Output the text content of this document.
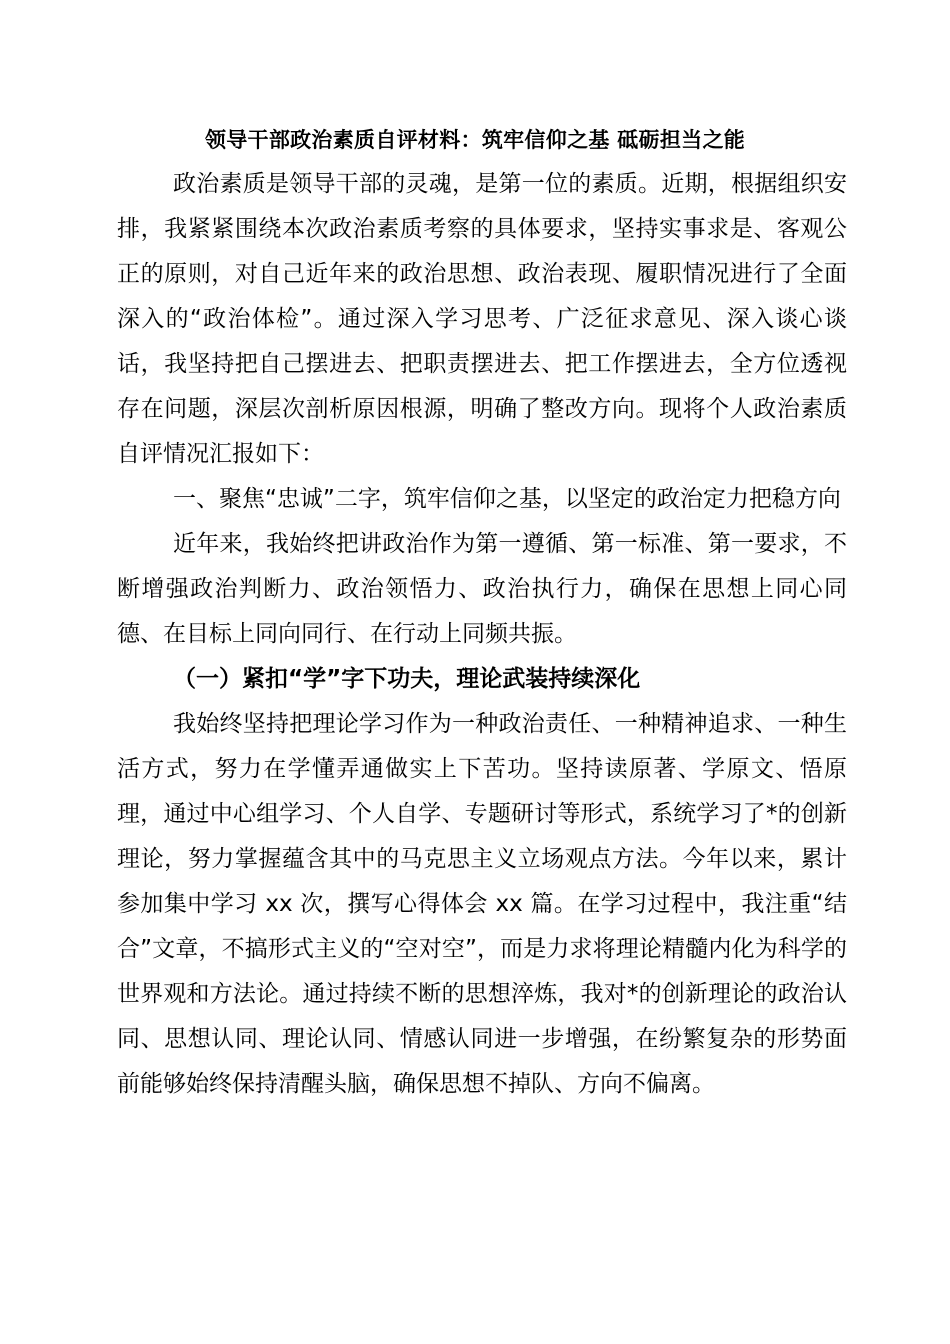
领导干部政治素质自评材料：筑牢信仰之基 砥砺担当之能

政治素质是领导干部的灵魂，是第一位的素质。近期，根据组织安排，我紧紧围绕本次政治素质考察的具体要求，坚持实事求是、客观公正的原则，对自己近年来的政治思想、政治表现、履职情况进行了全面深入的“政治体检”。通过深入学习思考、广泛征求意见、深入谈心谈话，我坚持把自己摆进去、把职责摆进去、把工作摆进去，全方位透视存在问题，深层次剖析原因根源，明确了整改方向。现将个人政治素质自评情况汇报如下：

一、聚焦“忠诚”二字，筑牢信仰之基，以坚定的政治定力把稳方向

近年来，我始终把讲政治作为第一遵循、第一标准、第一要求，不断增强政治判断力、政治领悟力、政治执行力，确保在思想上同心同德、在目标上同向同行、在行动上同频共振。

（一）紧扣“学”字下功夫，理论武装持续深化

我始终坚持把理论学习作为一种政治责任、一种精神追求、一种生活方式，努力在学懂弄通做实上下苦功。坚持读原著、学原文、悟原理，通过中心组学习、个人自学、专题研讨等形式，系统学习了*的创新理论，努力掌握蕴含其中的马克思主义立场观点方法。今年以来，累计参加集中学习 xx 次，撰写心得体会 xx 篇。在学习过程中，我注重“结合”文章，不搞形式主义的“空对空”，而是力求将理论精髓内化为科学的世界观和方法论。通过持续不断的思想淬炼，我对*的创新理论的政治认同、思想认同、理论认同、情感认同进一步增强，在纷繁复杂的形势面前能够始终保持清醒头脑，确保思想不掉队、方向不偏离。
